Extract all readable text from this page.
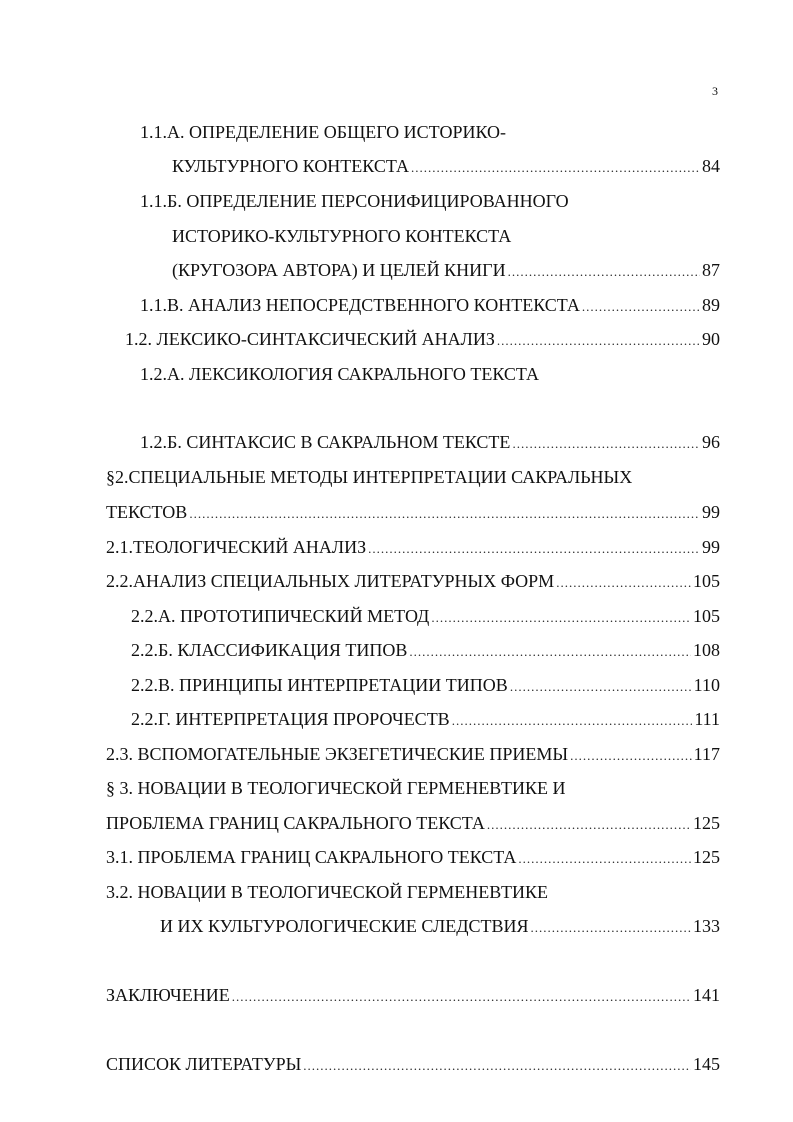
3
1.1.А. ОПРЕДЕЛЕНИЕ ОБЩЕГО ИСТОРИКО-
КУЛЬТУРНОГО КОНТЕКСТА .....	84
1.1.Б. ОПРЕДЕЛЕНИЕ ПЕРСОНИФИЦИРОВАННОГО
ИСТОРИКО-КУЛЬТУРНОГО КОНТЕКСТА
(КРУГОЗОРА АВТОРА) И ЦЕЛЕЙ КНИГИ .....	87
1.1.В. АНАЛИЗ НЕПОСРЕДСТВЕННОГО КОНТЕКСТА .....	89
1.2. ЛЕКСИКО-СИНТАКСИЧЕСКИЙ АНАЛИЗ .....	90
1.2.А. ЛЕКСИКОЛОГИЯ САКРАЛЬНОГО ТЕКСТА
1.2.Б. СИНТАКСИС В САКРАЛЬНОМ ТЕКСТЕ .....	96
§2.СПЕЦИАЛЬНЫЕ МЕТОДЫ ИНТЕРПРЕТАЦИИ САКРАЛЬНЫХ
ТЕКСТОВ .....	99
2.1.ТЕОЛОГИЧЕСКИЙ АНАЛИЗ .....	99
2.2.АНАЛИЗ СПЕЦИАЛЬНЫХ ЛИТЕРАТУРНЫХ ФОРМ .....	105
2.2.А. ПРОТОТИПИЧЕСКИЙ МЕТОД .....	105
2.2.Б. КЛАССИФИКАЦИЯ ТИПОВ .....	108
2.2.В. ПРИНЦИПЫ ИНТЕРПРЕТАЦИИ ТИПОВ .....	110
2.2.Г. ИНТЕРПРЕТАЦИЯ ПРОРОЧЕСТВ .....	111
2.3. ВСПОМОГАТЕЛЬНЫЕ ЭКЗЕГЕТИЧЕСКИЕ ПРИЕМЫ .....	117
§ 3. НОВАЦИИ В ТЕОЛОГИЧЕСКОЙ ГЕРМЕНЕВТИКЕ И
ПРОБЛЕМА ГРАНИЦ САКРАЛЬНОГО ТЕКСТА .....	125
3.1. ПРОБЛЕМА ГРАНИЦ САКРАЛЬНОГО ТЕКСТА .....	125
3.2. НОВАЦИИ В ТЕОЛОГИЧЕСКОЙ ГЕРМЕНЕВТИКЕ
И ИХ КУЛЬТУРОЛОГИЧЕСКИЕ СЛЕДСТВИЯ .....	133
ЗАКЛЮЧЕНИЕ .....	141
СПИСОК ЛИТЕРАТУРЫ .....	145
